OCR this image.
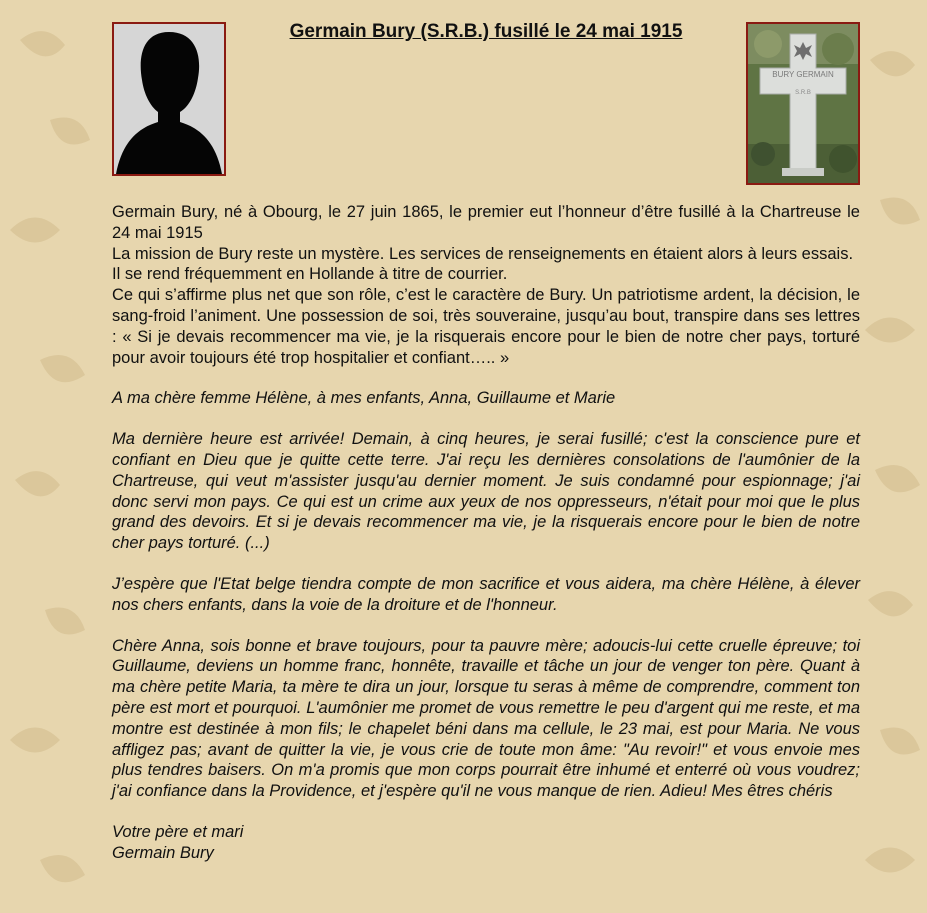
Germain Bury (S.R.B.) fusillé le 24 mai 1915
BURY GERMAIN
S.R.B

Germain Bury, né à Obourg, le 27 juin 1865, le premier eut l’honneur d’être fusillé à la Chartreuse le 24 mai 1915

La mission de Bury reste un mystère. Les services de renseignements en étaient alors à leurs essais.

Il se rend fréquemment en Hollande à titre de courrier.

Ce qui s’affirme plus net que son rôle, c’est le caractère de Bury. Un patriotisme ardent, la décision, le sang-froid l’animent. Une possession de soi, très souveraine, jusqu’au bout, transpire dans ses lettres : « Si je devais recommencer ma vie, je la risquerais encore pour le bien de notre cher pays, torturé pour avoir toujours été trop hospitalier et confiant….. »

A ma chère femme Hélène, à mes enfants, Anna, Guillaume et Marie

Ma dernière heure est arrivée! Demain, à cinq heures, je serai fusillé; c'est la conscience pure et confiant en Dieu que je quitte cette terre. J'ai reçu les dernières consolations de l'aumônier de la Chartreuse, qui veut m'assister jusqu'au dernier moment. Je suis condamné pour espionnage; j'ai donc servi mon pays. Ce qui est un crime aux yeux de nos oppresseurs, n'était pour moi que le plus grand des devoirs. Et si je devais recommencer ma vie, je la risquerais encore pour le bien de notre cher pays torturé. (...)

J’espère que l'Etat belge tiendra compte de mon sacrifice et vous aidera, ma chère Hélène, à élever nos chers enfants, dans la voie de la droiture et de l'honneur.

Chère Anna, sois bonne et brave toujours, pour ta pauvre mère; adoucis-lui cette cruelle épreuve; toi Guillaume, deviens un homme franc, honnête, travaille et tâche un jour de venger ton père. Quant à ma chère petite Maria, ta mère te dira un jour, lorsque tu seras à même de comprendre, comment ton père est mort et pourquoi. L'aumônier me promet de vous remettre le peu d'argent qui me reste, et ma montre est destinée à mon fils; le chapelet béni dans ma cellule, le 23 mai, est pour Maria. Ne vous affligez pas; avant de quitter la vie, je vous crie de toute mon âme: "Au revoir!" et vous envoie mes plus tendres baisers. On m'a promis que mon corps pourrait être inhumé et enterré où vous voudrez; j'ai confiance dans la Providence, et j'espère qu'il ne vous manque de rien. Adieu! Mes êtres chéris

Votre père et mari

Germain Bury
